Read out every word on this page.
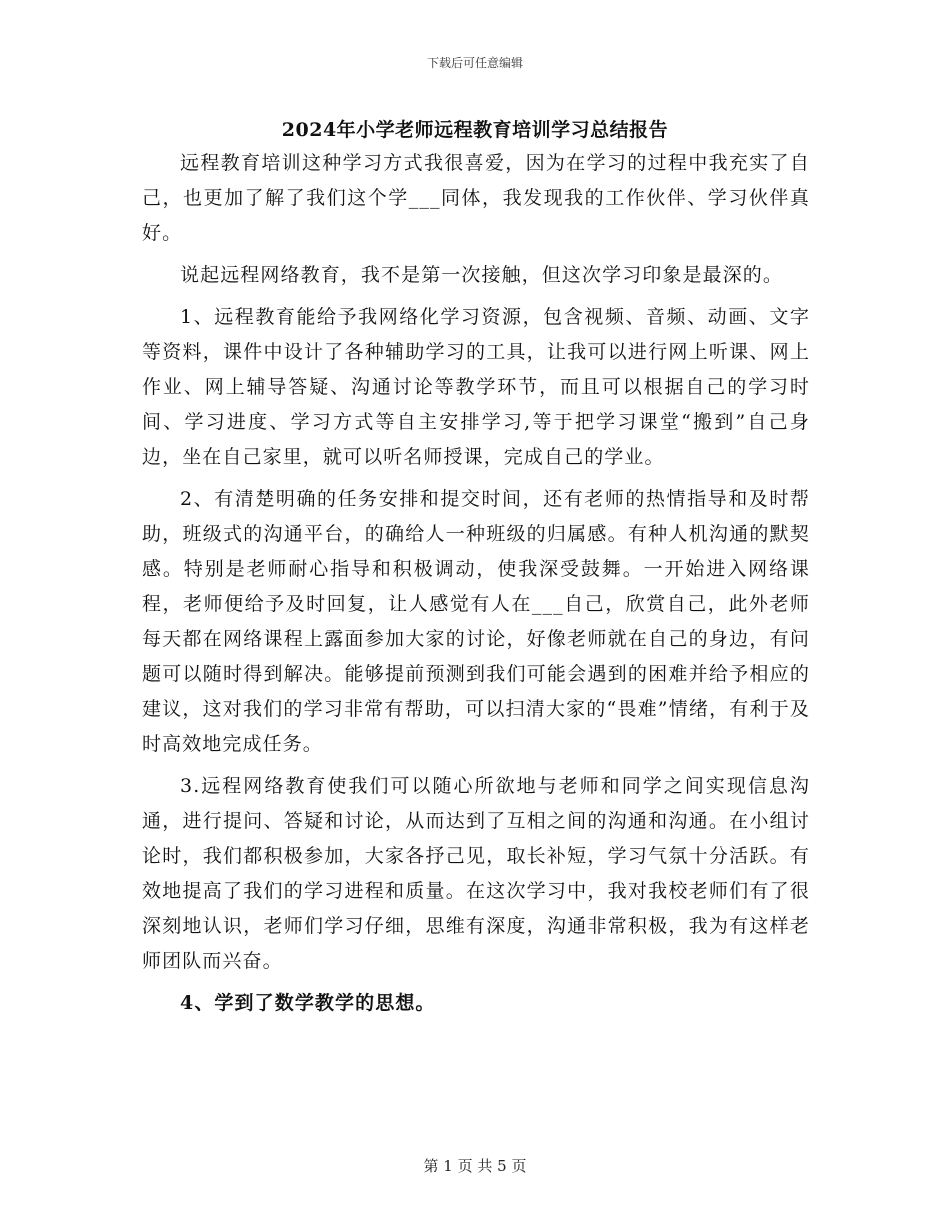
下载后可任意编辑
2024年小学老师远程教育培训学习总结报告

远程教育培训这种学习方式我很喜爱，因为在学习的过程中我充实了自己，也更加了解了我们这个学___同体，我发现我的工作伙伴、学习伙伴真好。

说起远程网络教育，我不是第一次接触，但这次学习印象是最深的。

1、远程教育能给予我网络化学习资源，包含视频、音频、动画、文字等资料，课件中设计了各种辅助学习的工具，让我可以进行网上听课、网上作业、网上辅导答疑、沟通讨论等教学环节，而且可以根据自己的学习时间、学习进度、学习方式等自主安排学习,等于把学习课堂“搬到”自己身边，坐在自己家里，就可以听名师授课，完成自己的学业。

2、有清楚明确的任务安排和提交时间，还有老师的热情指导和及时帮助，班级式的沟通平台，的确给人一种班级的归属感。有种人机沟通的默契感。特别是老师耐心指导和积极调动，使我深受鼓舞。一开始进入网络课程，老师便给予及时回复，让人感觉有人在___自己，欣赏自己，此外老师每天都在网络课程上露面参加大家的讨论，好像老师就在自己的身边，有问题可以随时得到解决。能够提前预测到我们可能会遇到的困难并给予相应的建议，这对我们的学习非常有帮助，可以扫清大家的“畏难”情绪，有利于及时高效地完成任务。

3.远程网络教育使我们可以随心所欲地与老师和同学之间实现信息沟通，进行提问、答疑和讨论，从而达到了互相之间的沟通和沟通。在小组讨论时，我们都积极参加，大家各抒己见，取长补短，学习气氛十分活跃。有效地提高了我们的学习进程和质量。在这次学习中，我对我校老师们有了很深刻地认识，老师们学习仔细，思维有深度，沟通非常积极，我为有这样老师团队而兴奋。

4、学到了数学教学的思想。

第 1 页 共 5 页
